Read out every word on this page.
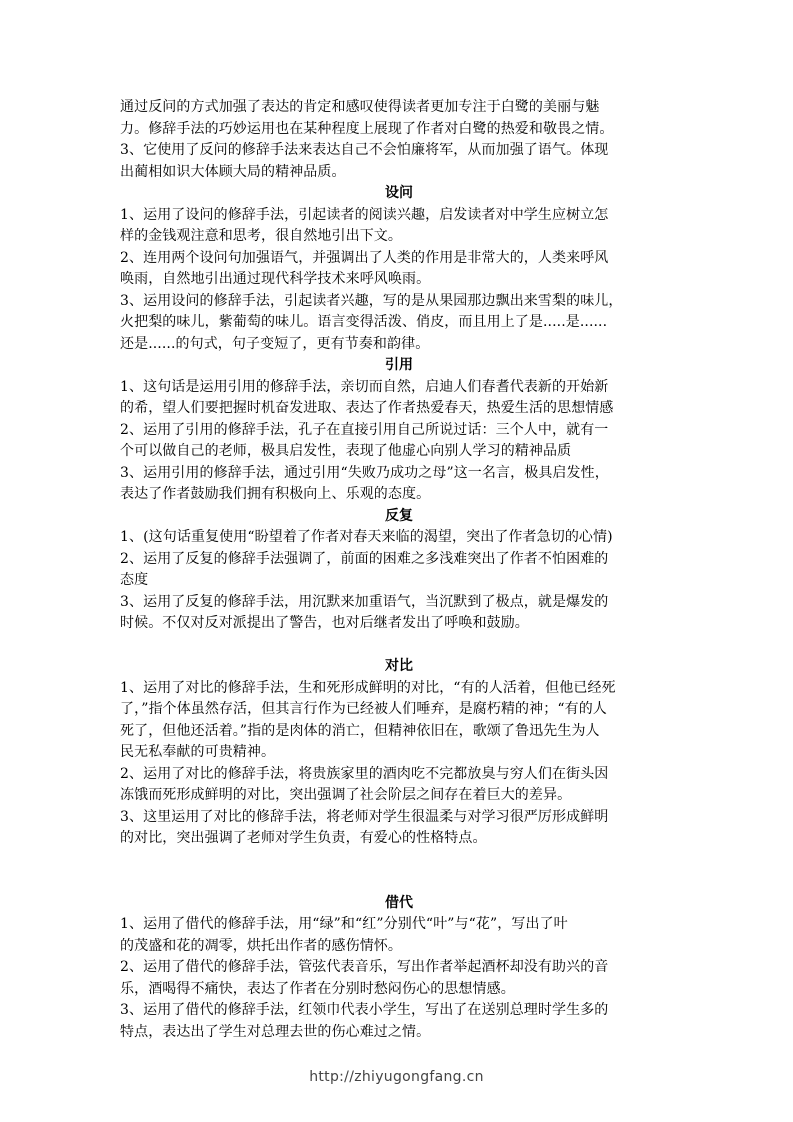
通过反问的方式加强了表达的肯定和感叹使得读者更加专注于白鹭的美丽与魅
力。修辞手法的巧妙运用也在某种程度上展现了作者对白鹭的热爱和敬畏之情。
3、它使用了反问的修辞手法来表达自己不会怕廉将军，从而加强了语气。体现
出蔺相如识大体顾大局的精神品质。
设问
1、运用了设问的修辞手法，引起读者的阅读兴趣，启发读者对中学生应树立怎
样的金钱观注意和思考，很自然地引出下文。
2、连用两个设问句加强语气，并强调出了人类的作用是非常大的，人类来呼风
唤雨，自然地引出通过现代科学技术来呼风唤雨。
3、运用设问的修辞手法，引起读者兴趣，写的是从果园那边飘出来雪梨的味儿，
火把梨的味儿，紫葡萄的味儿。语言变得活泼、俏皮，而且用上了是.....是......
还是......的句式，句子变短了，更有节奏和韵律。
引用
1、这句话是运用引用的修辞手法，亲切而自然，启迪人们春耆代表新的开始新
的希，望人们要把握时机奋发进取、表达了作者热爱春天，热爱生活的思想情感
2、运用了引用的修辞手法，孔子在直接引用自己所说过话：三个人中，就有一
个可以做自己的老师，极具启发性，表现了他虚心向别人学习的精神品质
3、运用引用的修辞手法，通过引用“失败乃成功之母”这一名言，极具启发性，
表达了作者鼓励我们拥有积极向上、乐观的态度。
反复
1、(这句话重复使用“盼望着了作者对春天来临的渴望，突出了作者急切的心情)
2、运用了反复的修辞手法强调了，前面的困难之多浅难突出了作者不怕困难的
态度
3、运用了反复的修辞手法，用沉默来加重语气，当沉默到了极点，就是爆发的
时候。不仅对反对派提出了警告，也对后继者发出了呼唤和鼓励。
对比
1、运用了对比的修辞手法，生和死形成鲜明的对比，“有的人活着，但他已经死
了，”指个体虽然存活，但其言行作为已经被人们唾弃，是腐朽精的神；“有的人
死了，但他还活着。”指的是肉体的消亡，但精神依旧在，歌颂了鲁迅先生为人
民无私奉献的可贵精神。
2、运用了对比的修辞手法，将贵族家里的酒肉吃不完都放臭与穷人们在街头因
冻饿而死形成鲜明的对比，突出强调了社会阶层之间存在着巨大的差异。
3、这里运用了对比的修辞手法，将老师对学生很温柔与对学习很严厉形成鲜明
的对比，突出强调了老师对学生负责，有爱心的性格特点。
借代
1、运用了借代的修辞手法，用“绿”和“红”分别代“叶”与“花”，写出了叶
的茂盛和花的凋零，烘托出作者的感伤情怀。
2、运用了借代的修辞手法，管弦代表音乐，写出作者举起酒杯却没有助兴的音
乐，酒喝得不痛快，表达了作者在分别时愁闷伤心的思想情感。
3、运用了借代的修辞手法，红领巾代表小学生，写出了在送别总理时学生多的
特点，表达出了学生对总理去世的伤心难过之情。
http://zhiyugongfang.cn
